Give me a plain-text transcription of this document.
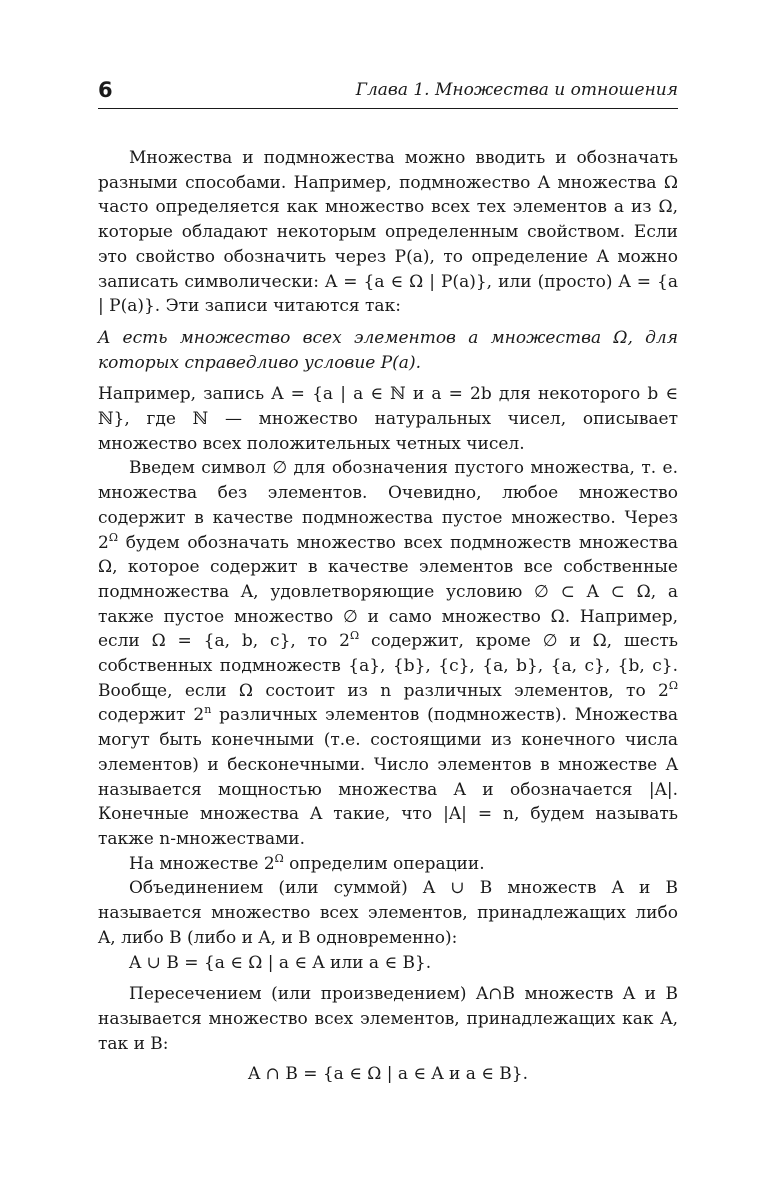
6	Глава 1. Множества и отношения

Множества и подмножества можно вводить и обозначать разными способами. Например, подмножество A множества Ω часто определяется как множество всех тех элементов a из Ω, которые обладают некоторым определенным свойством. Если это свойство обозначить через P(a), то определение A можно записать символически: A = {a ∈ Ω | P(a)}, или (просто) A = {a | P(a)}. Эти записи читаются так:

A есть множество всех элементов a множества Ω, для которых справедливо условие P(a).

Например, запись A = {a | a ∈ ℕ и a = 2b для некоторого b ∈ ℕ}, где ℕ — множество натуральных чисел, описывает множество всех положительных четных чисел.

Введем символ ∅ для обозначения пустого множества, т. е. множества без элементов. Очевидно, любое множество содержит в качестве подмножества пустое множество. Через $2^\Omega$ будем обозначать множество всех подмножеств множества Ω, которое содержит в качестве элементов все собственные подмножества A, удовлетворяющие условию ∅ ⊂ A ⊂ Ω, а также пустое множество ∅ и само множество Ω. Например, если Ω = {a, b, c}, то $2^\Omega$ содержит, кроме ∅ и Ω, шесть собственных подмножеств {a}, {b}, {c}, {a, b}, {a, c}, {b, c}. Вообще, если Ω состоит из n различных элементов, то $2^\Omega$ содержит 2$^n$ различных элементов (подмножеств). Множества могут быть конечными (т.е. состоящими из конечного числа элементов) и бесконечными. Число элементов в множестве A называется мощностью множества A и обозначается |A|. Конечные множества A такие, что |A| = n, будем называть также n-множествами.

На множестве $2^\Omega$ определим операции.

Объединением (или суммой) A ∪ B множеств A и B называется множество всех элементов, принадлежащих либо A, либо B (либо и A, и B одновременно):

A ∪ B = {a ∈ Ω | a ∈ A или a ∈ B}.

Пересечением (или произведением) A∩B множеств A и B называется множество всех элементов, принадлежащих как A, так и B:

A ∩ B = {a ∈ Ω | a ∈ A и a ∈ B}.
